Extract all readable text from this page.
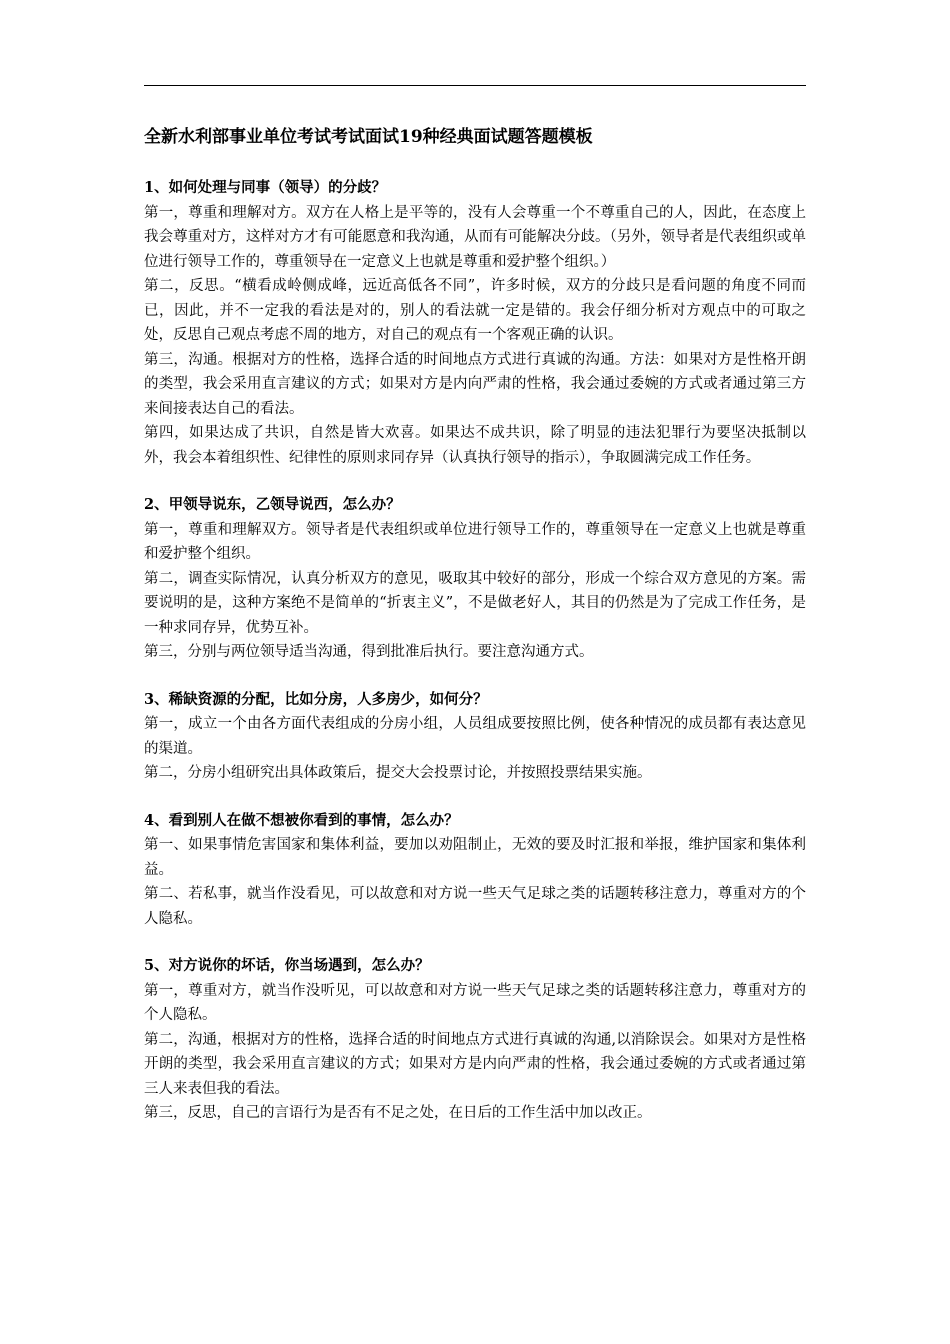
全新水利部事业单位考试考试面试19种经典面试题答题模板
1、如何处理与同事（领导）的分歧？
第一，尊重和理解对方。双方在人格上是平等的，没有人会尊重一个不尊重自己的人，因此，在态度上我会尊重对方，这样对方才有可能愿意和我沟通，从而有可能解决分歧。（另外，领导者是代表组织或单位进行领导工作的，尊重领导在一定意义上也就是尊重和爱护整个组织。）
第二，反思。“横看成岭侧成峰，远近高低各不同”，许多时候，双方的分歧只是看问题的角度不同而已，因此，并不一定我的看法是对的，别人的看法就一定是错的。我会仔细分析对方观点中的可取之处，反思自己观点考虑不周的地方，对自己的观点有一个客观正确的认识。
第三，沟通。根据对方的性格，选择合适的时间地点方式进行真诚的沟通。方法：如果对方是性格开朗的类型，我会采用直言建议的方式；如果对方是内向严肃的性格，我会通过委婉的方式或者通过第三方来间接表达自己的看法。
第四，如果达成了共识，自然是皆大欢喜。如果达不成共识，除了明显的违法犯罪行为要坚决抵制以外，我会本着组织性、纪律性的原则求同存异（认真执行领导的指示），争取圆满完成工作任务。
2、甲领导说东，乙领导说西，怎么办？
第一，尊重和理解双方。领导者是代表组织或单位进行领导工作的，尊重领导在一定意义上也就是尊重和爱护整个组织。
第二，调查实际情况，认真分析双方的意见，吸取其中较好的部分，形成一个综合双方意见的方案。需要说明的是，这种方案绝不是简单的“折衷主义”，不是做老好人，其目的仍然是为了完成工作任务，是一种求同存异，优势互补。
第三，分别与两位领导适当沟通，得到批准后执行。要注意沟通方式。
3、稀缺资源的分配，比如分房，人多房少，如何分？
第一，成立一个由各方面代表组成的分房小组，人员组成要按照比例，使各种情况的成员都有表达意见的渠道。
第二，分房小组研究出具体政策后，提交大会投票讨论，并按照投票结果实施。
4、看到别人在做不想被你看到的事情，怎么办？
第一、如果事情危害国家和集体利益，要加以劝阻制止，无效的要及时汇报和举报，维护国家和集体利益。
第二、若私事，就当作没看见，可以故意和对方说一些天气足球之类的话题转移注意力，尊重对方的个人隐私。
5、对方说你的坏话，你当场遇到，怎么办？
第一，尊重对方，就当作没听见，可以故意和对方说一些天气足球之类的话题转移注意力，尊重对方的个人隐私。
第二，沟通，根据对方的性格，选择合适的时间地点方式进行真诚的沟通,以消除误会。如果对方是性格开朗的类型，我会采用直言建议的方式；如果对方是内向严肃的性格，我会通过委婉的方式或者通过第三人来表但我的看法。
第三，反思，自己的言语行为是否有不足之处，在日后的工作生活中加以改正。
